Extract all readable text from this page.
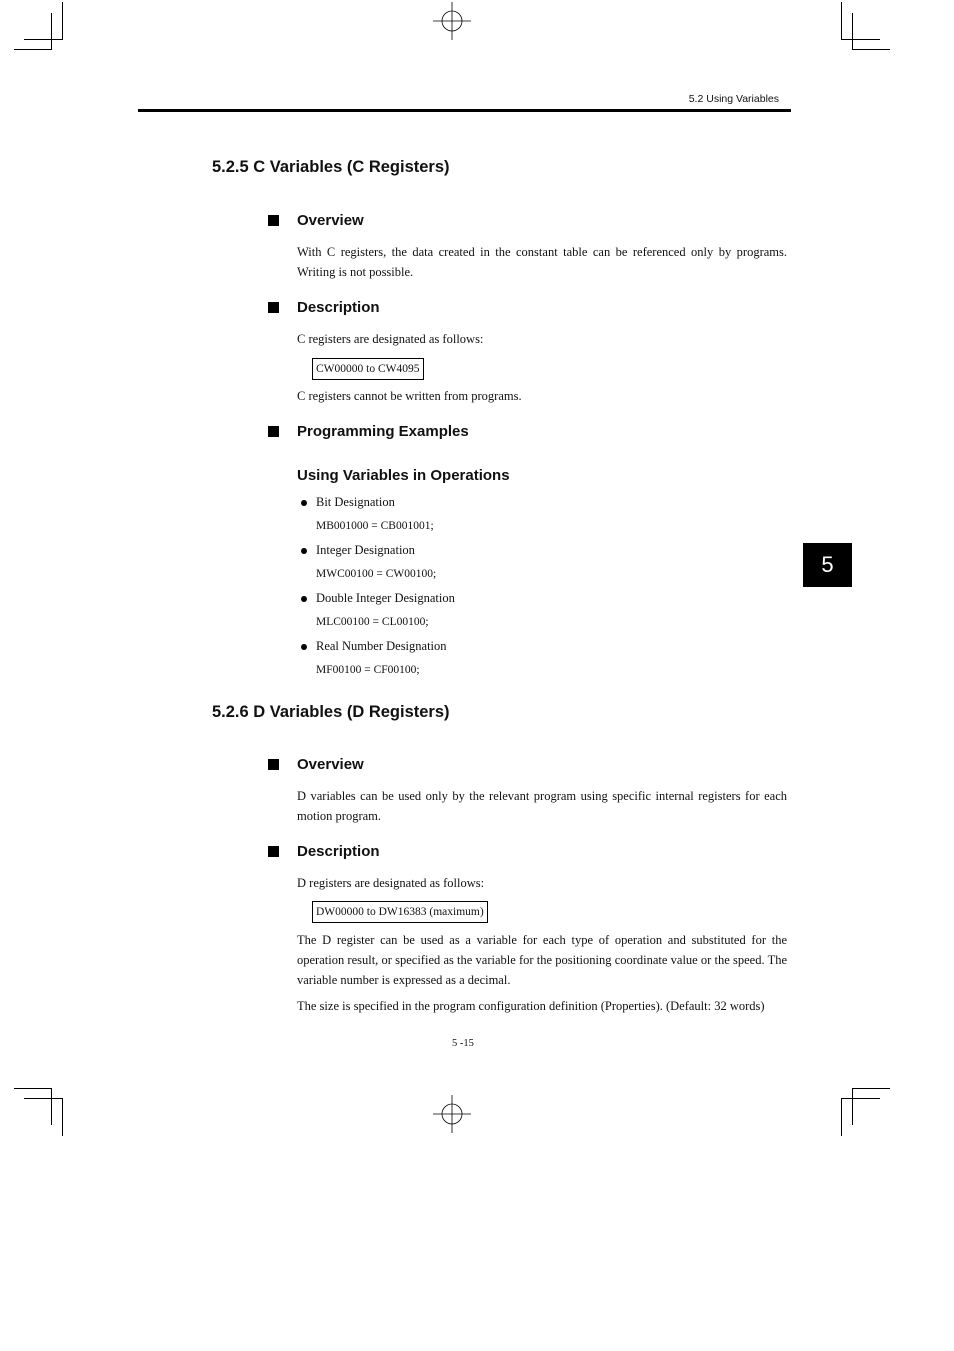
5.2 Using Variables
5.2.5 C Variables (C Registers)
Overview
With C registers, the data created in the constant table can be referenced only by programs. Writing is not possible.
Description
C registers are designated as follows:
CW00000 to CW4095
C registers cannot be written from programs.
Programming Examples
Using Variables in Operations
Bit Designation
MB001000 = CB001001;
Integer Designation
MWC00100 = CW00100;
Double Integer Designation
MLC00100 = CL00100;
Real Number Designation
MF00100 = CF00100;
5.2.6 D Variables (D Registers)
Overview
D variables can be used only by the relevant program using specific internal registers for each motion program.
Description
D registers are designated as follows:
DW00000 to DW16383 (maximum)
The D register can be used as a variable for each type of operation and substituted for the operation result, or specified as the variable for the positioning coordinate value or the speed. The variable number is expressed as a decimal.
The size is specified in the program configuration definition (Properties). (Default: 32 words)
5
5 -15
